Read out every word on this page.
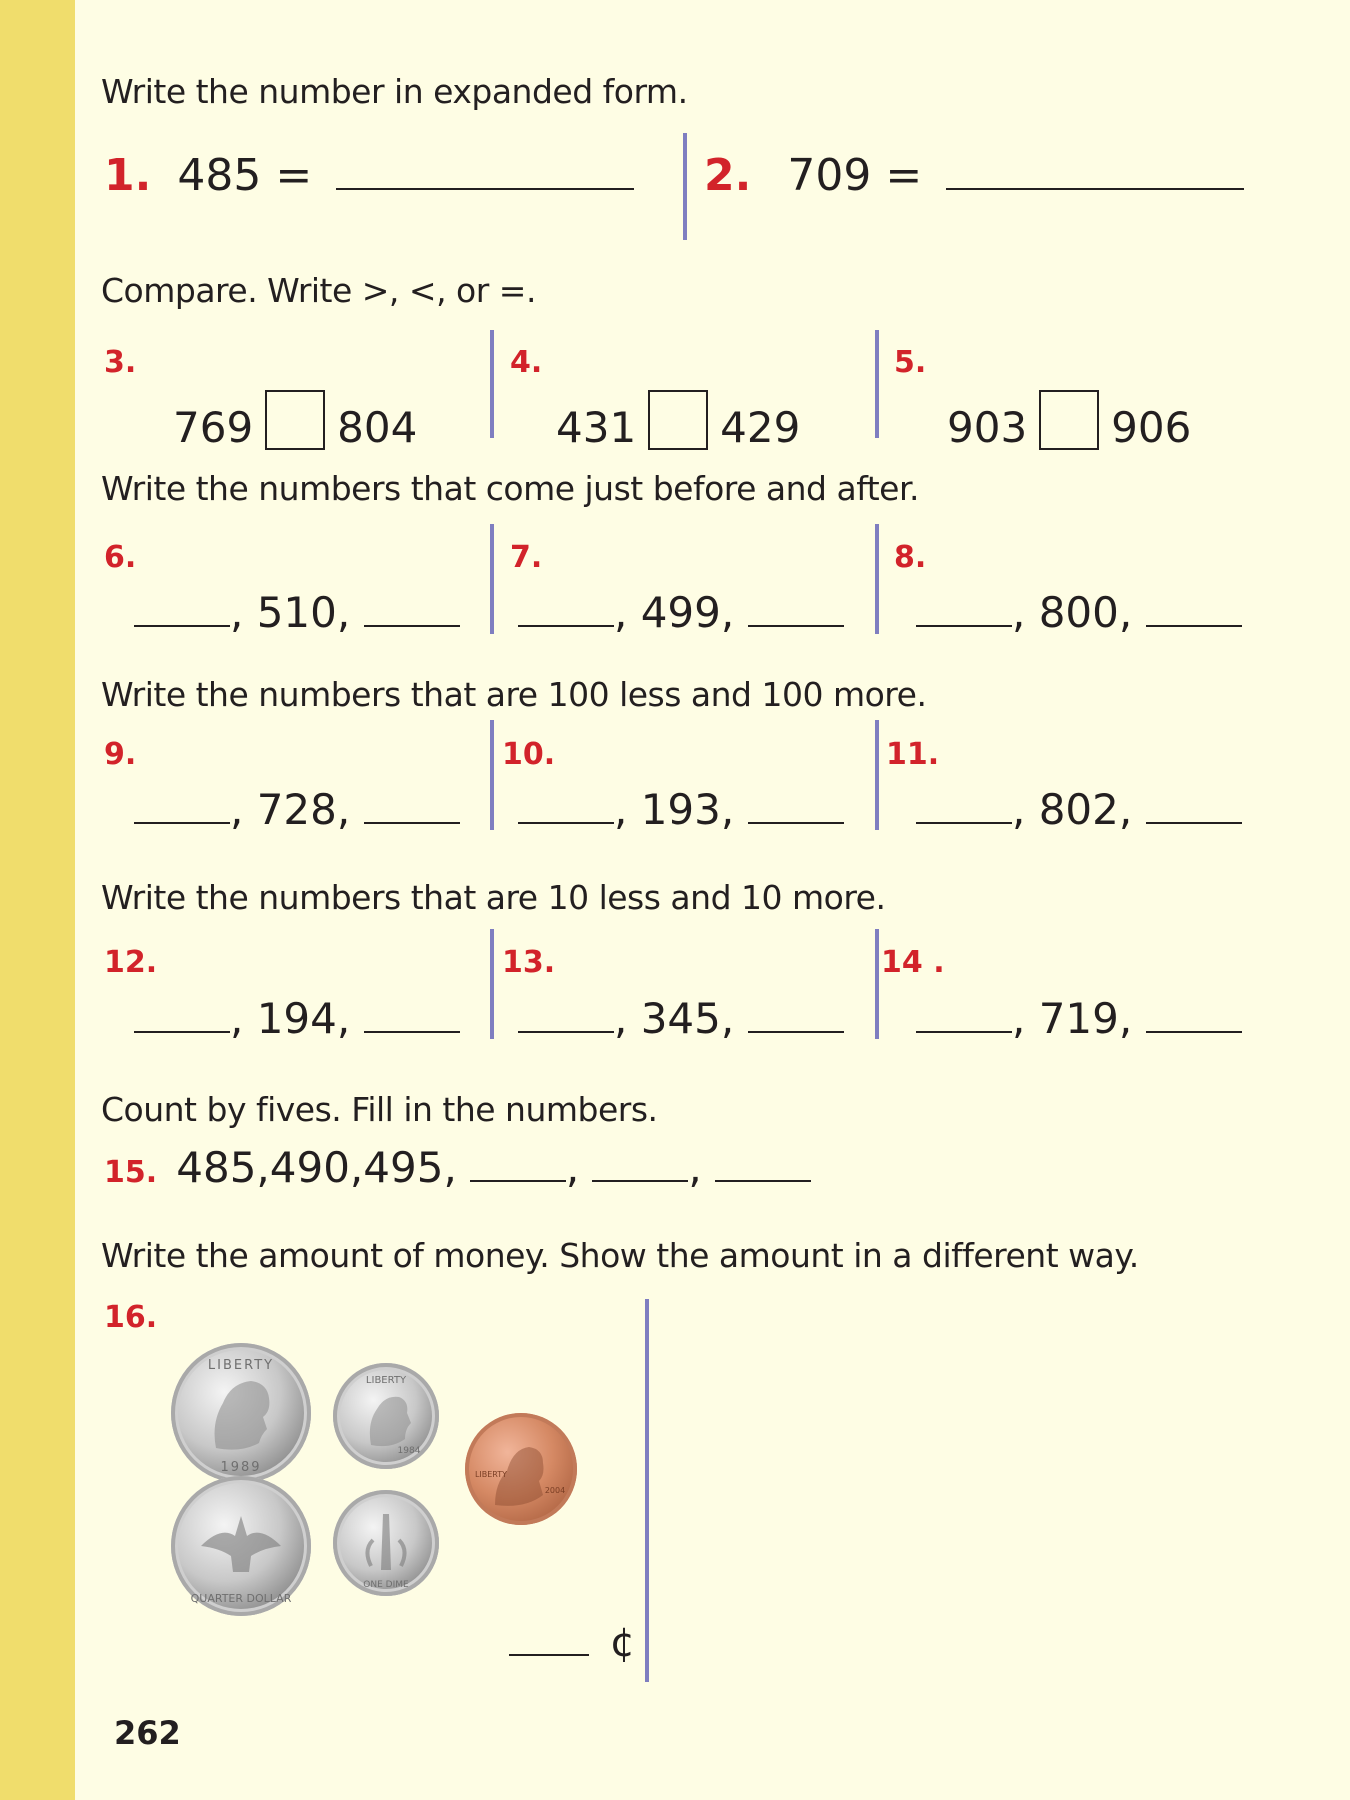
Write the number in expanded form.
1. 485 =	2. 709 =
Compare. Write >, <, or =.
3.
769 804
4.
431 429
5.
903 906
Write the numbers that come just before and after.
6.
, 510,
7.
, 499,
8.
, 800,
Write the numbers that are 100 less and 100 more.
9.
, 728,
10.
, 193,
11.
, 802,
Write the numbers that are 10 less and 10 more.
12.
, 194,
13.
, 345,
14 .
, 719,
Count by fives. Fill in the numbers.
15. 485,490,495,	,	,
Write the amount of money. Show the amount in a different way.
16.
LIBERTY
1989
LIBERTY
1984
LIBERTY
2004
QUARTER DOLLAR
ONE DIME
¢
262
